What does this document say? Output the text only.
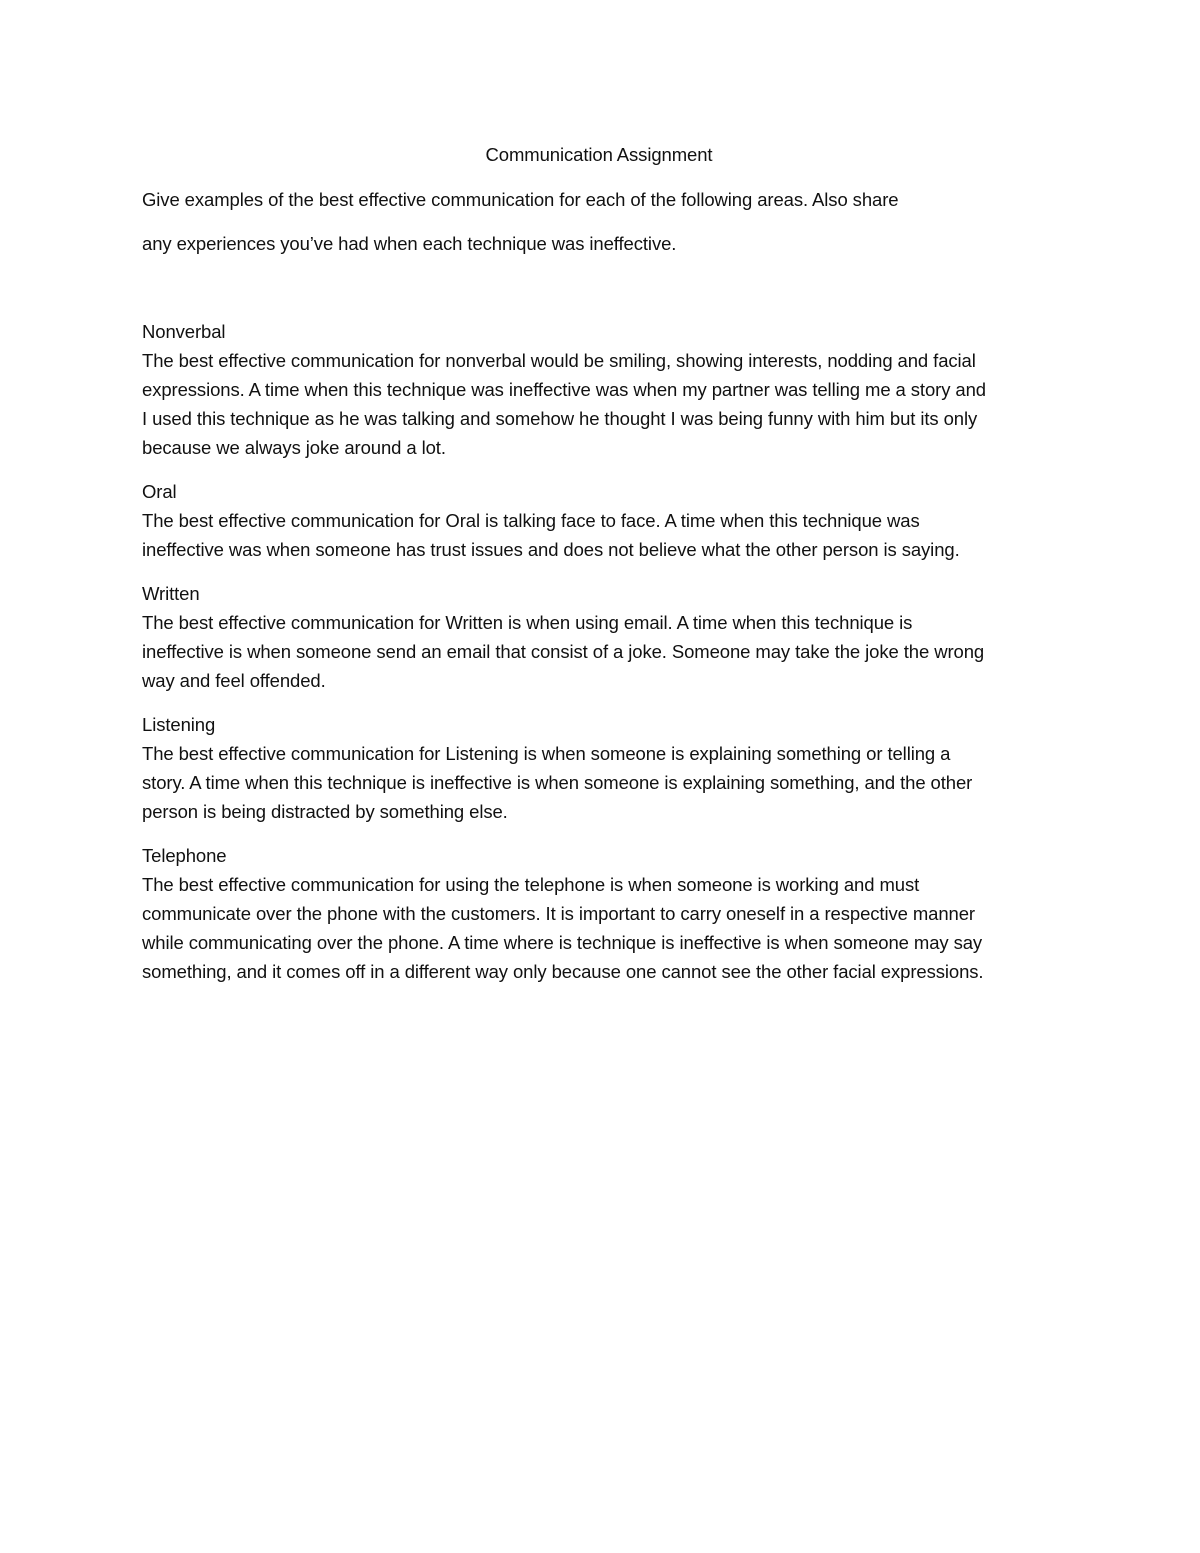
Communication Assignment

Give examples of the best effective communication for each of the following areas. Also share

any experiences you’ve had when each technique was ineffective.

Nonverbal

The best effective communication for nonverbal would be smiling, showing interests, nodding and facial
expressions. A time when this technique was ineffective was when my partner was telling me a story and
I used this technique as he was talking and somehow he thought I was being funny with him but its only
because we always joke around a lot.

Oral

The best effective communication for Oral is talking face to face. A time when this technique was
ineffective was when someone has trust issues and does not believe what the other person is saying.

Written

The best effective communication for Written is when using email. A time when this technique is
ineffective is when someone send an email that consist of a joke. Someone may take the joke the wrong
way and feel offended.

Listening

The best effective communication for Listening is when someone is explaining something or telling a
story. A time when this technique is ineffective is when someone is explaining something, and the other
person is being distracted by something else.

Telephone

The best effective communication for using the telephone is when someone is working and must
communicate over the phone with the customers. It is important to carry oneself in a respective manner
while communicating over the phone. A time where is technique is ineffective is when someone may say
something, and it comes off in a different way only because one cannot see the other facial expressions.
